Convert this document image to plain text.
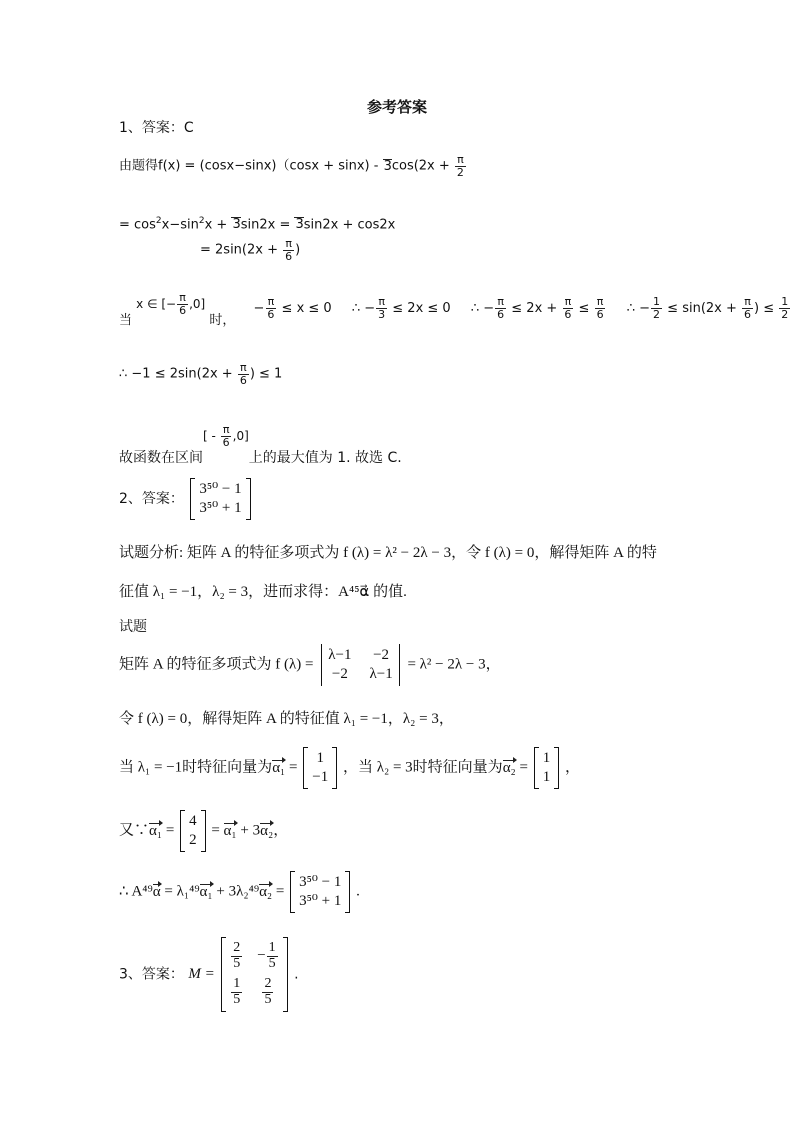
参考答案
1、答案：C
由题得$f(x) = (\cos x-\sin x)(\cos x + \sin x) - 3\cos(2x + \frac{\pi}{2}$
= $\cos^2x-\sin^2x + 3\sin 2x = 3\sin 2x + \cos 2x$
= $2\sin(2x + \frac{\pi}{6}$ )
当 x ∈ [− $\frac{\pi}{6} ,0$] 时， − $\frac{\pi}{6} \le x \le 0$ ∴ − $\frac{\pi}{3} \le 2x \le 0$ ∴ − $\frac{\pi}{6} \le 2x + \frac{\pi}{6} \le \frac{\pi}{6}$ ∴ − $\frac{1}{2} \le \sin(2x + \frac{\pi}{6}$ ) ≤ $\frac{1}{2}$
∴ $-1 \le 2\sin(2x + \frac{\pi}{6}$ ) ≤ 1
故函数在区间[ - $\frac{\pi}{6} ,0$]上的最大值为 1. 故选 C.
2、答案：
3⁵⁰ − 1
3⁵⁰ + 1
试题分析: 矩阵 A 的特征多项式为 f (λ) = λ² − 2λ − 3，令 f (λ) = 0，解得矩阵 A 的特
征值 λ₁ = −1，λ₂ = 3，进而求得：A⁴⁵α⃗ 的值.
试题
矩阵 A 的特征多项式为 f (λ) =
λ−1 −2
−2 λ−1
= λ² − 2λ − 3，
令 f (λ) = 0，解得矩阵 A 的特征值 λ₁ = −1，λ₂ = 3，
当 λ₁ = −1时特征向量为α₁ =
1
−1
，当 λ₂ = 3时特征向量为α₂ =
1
1
，
又∵α₁ =
4
2
= α₁ + 3α₂，
∴ A⁴⁹α = λ₁⁴⁹α₁ + 3λ₂⁴⁹α₂ =
3⁵⁰ − 1
3⁵⁰ + 1
.
3、答案： M =
$\frac{2}{5} - \frac{1}{5}$
$\frac{1}{5} \frac{2}{5}$
.
